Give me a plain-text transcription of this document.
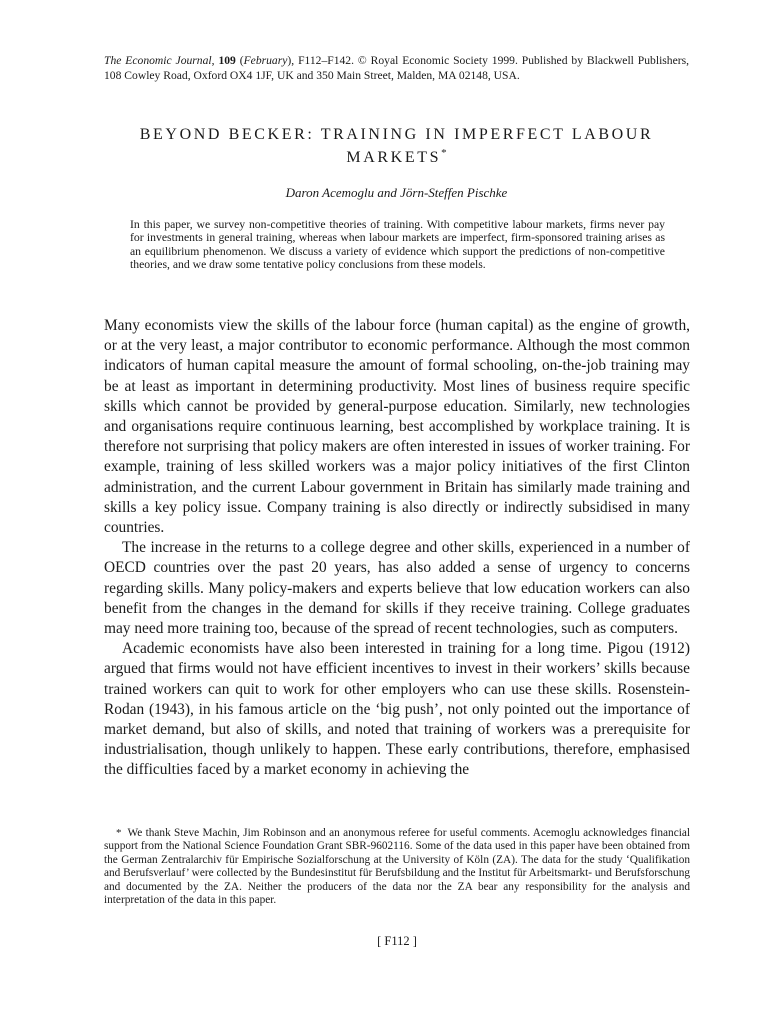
The Economic Journal, 109 (February), F112–F142. © Royal Economic Society 1999. Published by Blackwell Publishers, 108 Cowley Road, Oxford OX4 1JF, UK and 350 Main Street, Malden, MA 02148, USA.
BEYOND BECKER: TRAINING IN IMPERFECT LABOUR MARKETS*
Daron Acemoglu and Jörn-Steffen Pischke

In this paper, we survey non-competitive theories of training. With competitive labour markets, firms never pay for investments in general training, whereas when labour markets are imperfect, firm-sponsored training arises as an equilibrium phenomenon. We discuss a variety of evidence which support the predictions of non-competitive theories, and we draw some tentative policy conclusions from these models.

Many economists view the skills of the labour force (human capital) as the engine of growth, or at the very least, a major contributor to economic performance. Although the most common indicators of human capital measure the amount of formal schooling, on-the-job training may be at least as important in determining productivity. Most lines of business require specific skills which cannot be provided by general-purpose education. Similarly, new technologies and organisations require continuous learning, best accomplished by workplace training. It is therefore not surprising that policy makers are often interested in issues of worker training. For example, training of less skilled workers was a major policy initiatives of the first Clinton administration, and the current Labour government in Britain has similarly made training and skills a key policy issue. Company training is also directly or indirectly subsidised in many countries.

The increase in the returns to a college degree and other skills, experienced in a number of OECD countries over the past 20 years, has also added a sense of urgency to concerns regarding skills. Many policy-makers and experts believe that low education workers can also benefit from the changes in the demand for skills if they receive training. College graduates may need more training too, because of the spread of recent technologies, such as computers.

Academic economists have also been interested in training for a long time. Pigou (1912) argued that firms would not have efficient incentives to invest in their workers’ skills because trained workers can quit to work for other employers who can use these skills. Rosenstein-Rodan (1943), in his famous article on the ‘big push’, not only pointed out the importance of market demand, but also of skills, and noted that training of workers was a prerequisite for industrialisation, though unlikely to happen. These early contributions, therefore, emphasised the difficulties faced by a market economy in achieving the

* We thank Steve Machin, Jim Robinson and an anonymous referee for useful comments. Acemoglu acknowledges financial support from the National Science Foundation Grant SBR-9602116. Some of the data used in this paper have been obtained from the German Zentralarchiv für Empirische Sozialforschung at the University of Köln (ZA). The data for the study ‘Qualifikation and Berufsverlauf’ were collected by the Bundesinstitut für Berufsbildung and the Institut für Arbeitsmarkt- und Berufsforschung and documented by the ZA. Neither the producers of the data nor the ZA bear any responsibility for the analysis and interpretation of the data in this paper.

[ F112 ]
